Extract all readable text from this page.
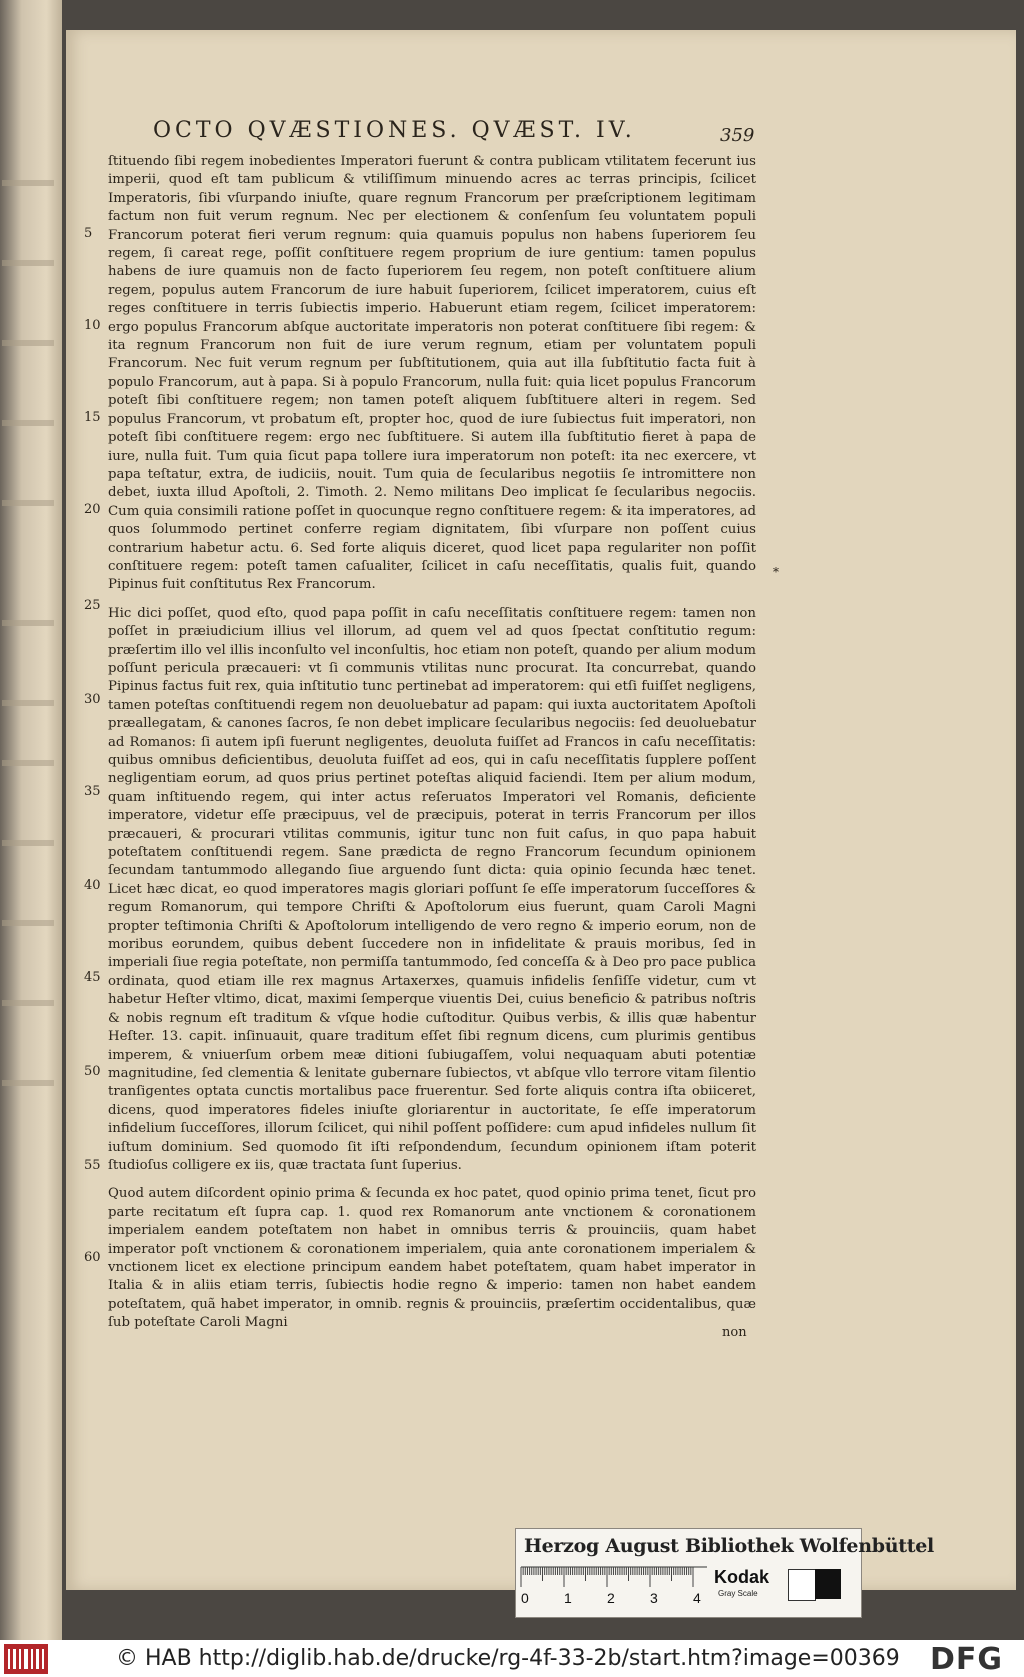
OCTO QVÆSTIONES. QVÆST. IV.	359

ſtituendo ſibi regem inobedientes Imperatori fuerunt & contra publicam vtilitatem fecerunt ius imperii, quod eſt tam publicum & vtiliſſimum minuendo acres ac terras principis, ſcilicet Imperatoris, ſibi vſurpando iniuſte, quare regnum Francorum per præſcriptionem legitimam factum non fuit verum regnum. Nec per electionem & conſenſum ſeu voluntatem populi Francorum poterat fieri verum regnum: quia quamuis populus non habens ſuperiorem ſeu regem, ſi careat rege, poſſit conſtituere regem proprium de iure gentium: tamen populus habens de iure quamuis non de facto ſuperiorem ſeu regem, non poteſt conſtituere alium regem, populus autem Francorum de iure habuit ſuperiorem, ſcilicet imperatorem, cuius eſt reges conſtituere in terris ſubiectis imperio. Habuerunt etiam regem, ſcilicet imperatorem: ergo populus Francorum abſque auctoritate imperatoris non poterat conſtituere ſibi regem: & ita regnum Francorum non fuit de iure verum regnum, etiam per voluntatem populi Francorum. Nec fuit verum regnum per ſubſtitutionem, quia aut illa ſubſtitutio facta fuit à populo Francorum, aut à papa. Si à populo Francorum, nulla fuit: quia licet populus Francorum poteſt ſibi conſtituere regem; non tamen poteſt aliquem ſubſtituere alteri in regem. Sed populus Francorum, vt probatum eſt, propter hoc, quod de iure ſubiectus fuit imperatori, non poteſt ſibi conſtituere regem: ergo nec ſubſtituere. Si autem illa ſubſtitutio fieret à papa de iure, nulla fuit. Tum quia ſicut papa tollere iura imperatorum non poteſt: ita nec exercere, vt papa teſtatur, extra, de iudiciis, nouit. Tum quia de ſecularibus negotiis ſe intromittere non debet, iuxta illud Apoſtoli, 2. Timoth. 2. Nemo militans Deo implicat ſe ſecularibus negociis. Cum quia consimili ratione poſſet in quocunque regno conſtituere regem: & ita imperatores, ad quos ſolummodo pertinet conferre regiam dignitatem, ſibi vſurpare non poſſent cuius contrarium habetur actu. 6. Sed forte aliquis diceret, quod licet papa regulariter non poſſit conſtituere regem: poteſt tamen caſualiter, ſcilicet in caſu neceſſitatis, qualis fuit, quando Pipinus fuit conſtitutus Rex Francorum.

Hic dici poſſet, quod eſto, quod papa poſſit in caſu neceſſitatis conſtituere regem: tamen non poſſet in præiudicium illius vel illorum, ad quem vel ad quos ſpectat conſtitutio regum: præſertim illo vel illis inconſulto vel inconſultis, hoc etiam non poteſt, quando per alium modum poſſunt pericula præcaueri: vt ſi communis vtilitas nunc procurat. Ita concurrebat, quando Pipinus factus fuit rex, quia inſtitutio tunc pertinebat ad imperatorem: qui etſi fuiſſet negligens, tamen poteſtas conſtituendi regem non deuoluebatur ad papam: qui iuxta auctoritatem Apoſtoli præallegatam, & canones ſacros, ſe non debet implicare ſecularibus negociis: ſed deuoluebatur ad Romanos: ſi autem ipſi fuerunt negligentes, deuoluta fuiſſet ad Francos in caſu neceſſitatis: quibus omnibus deficientibus, deuoluta fuiſſet ad eos, qui in caſu neceſſitatis ſupplere poſſent negligentiam eorum, ad quos prius pertinet poteſtas aliquid faciendi. Item per alium modum, quam inſtituendo regem, qui inter actus reſeruatos Imperatori vel Romanis, deficiente imperatore, videtur eſſe præcipuus, vel de præcipuis, poterat in terris Francorum per illos præcaueri, & procurari vtilitas communis, igitur tunc non fuit caſus, in quo papa habuit poteſtatem conſtituendi regem. Sane prædicta de regno Francorum ſecundum opinionem ſecundam tantummodo allegando ſiue arguendo ſunt dicta: quia opinio ſecunda hæc tenet. Licet hæc dicat, eo quod imperatores magis gloriari poſſunt ſe eſſe imperatorum ſucceſſores & regum Romanorum, qui tempore Chriſti & Apoſtolorum eius fuerunt, quam Caroli Magni propter teſtimonia Chriſti & Apoſtolorum intelligendo de vero regno & imperio eorum, non de moribus eorundem, quibus debent ſuccedere non in infidelitate & prauis moribus, ſed in imperiali ſiue regia poteſtate, non permiſſa tantummodo, ſed conceſſa & à Deo pro pace publica ordinata, quod etiam ille rex magnus Artaxerxes, quamuis infidelis ſenſiſſe videtur, cum vt habetur Heſter vltimo, dicat, maximi ſemperque viuentis Dei, cuius beneficio & patribus noſtris & nobis regnum eſt traditum & vſque hodie cuſtoditur. Quibus verbis, & illis quæ habentur Heſter. 13. capit. inſinuauit, quare traditum eſſet ſibi regnum dicens, cum plurimis gentibus imperem, & vniuerſum orbem meæ ditioni ſubiugaſſem, volui nequaquam abuti potentiæ magnitudine, ſed clementia & lenitate gubernare ſubiectos, vt abſque vllo terrore vitam ſilentio tranſigentes optata cunctis mortalibus pace fruerentur. Sed forte aliquis contra iſta obiiceret, dicens, quod imperatores fideles iniuſte gloriarentur in auctoritate, ſe eſſe imperatorum infidelium ſucceſſores, illorum ſcilicet, qui nihil poſſent poſſidere: cum apud infideles nullum ſit iuſtum dominium. Sed quomodo ſit iſti reſpondendum, ſecundum opinionem iſtam poterit ſtudioſus colligere ex iis, quæ tractata ſunt ſuperius.

Quod autem diſcordent opinio prima & ſecunda ex hoc patet, quod opinio prima tenet, ſicut pro parte recitatum eſt ſupra cap. 1. quod rex Romanorum ante vnctionem & coronationem imperialem eandem poteſtatem non habet in omnibus terris & prouinciis, quam habet imperator poſt vnctionem & coronationem imperialem, quia ante coronationem imperialem & vnctionem licet ex electione principum eandem habet poteſtatem, quam habet imperator in Italia & in aliis etiam terris, ſubiectis hodie regno & imperio: tamen non habet eandem poteſtatem, quã habet imperator, in omnib. regnis & prouinciis, præſertim occidentalibus, quæ ſub poteſtate Caroli Magni

5
10
15
20
25
30
35
40
45
50
55
60
*
non
Herzog August Bibliothek Wolfenbüttel
0	1	2	3	4
Kodak
Gray Scale
© HAB http://diglib.hab.de/drucke/rg-4f-33-2b/start.htm?image=00369 DFG
